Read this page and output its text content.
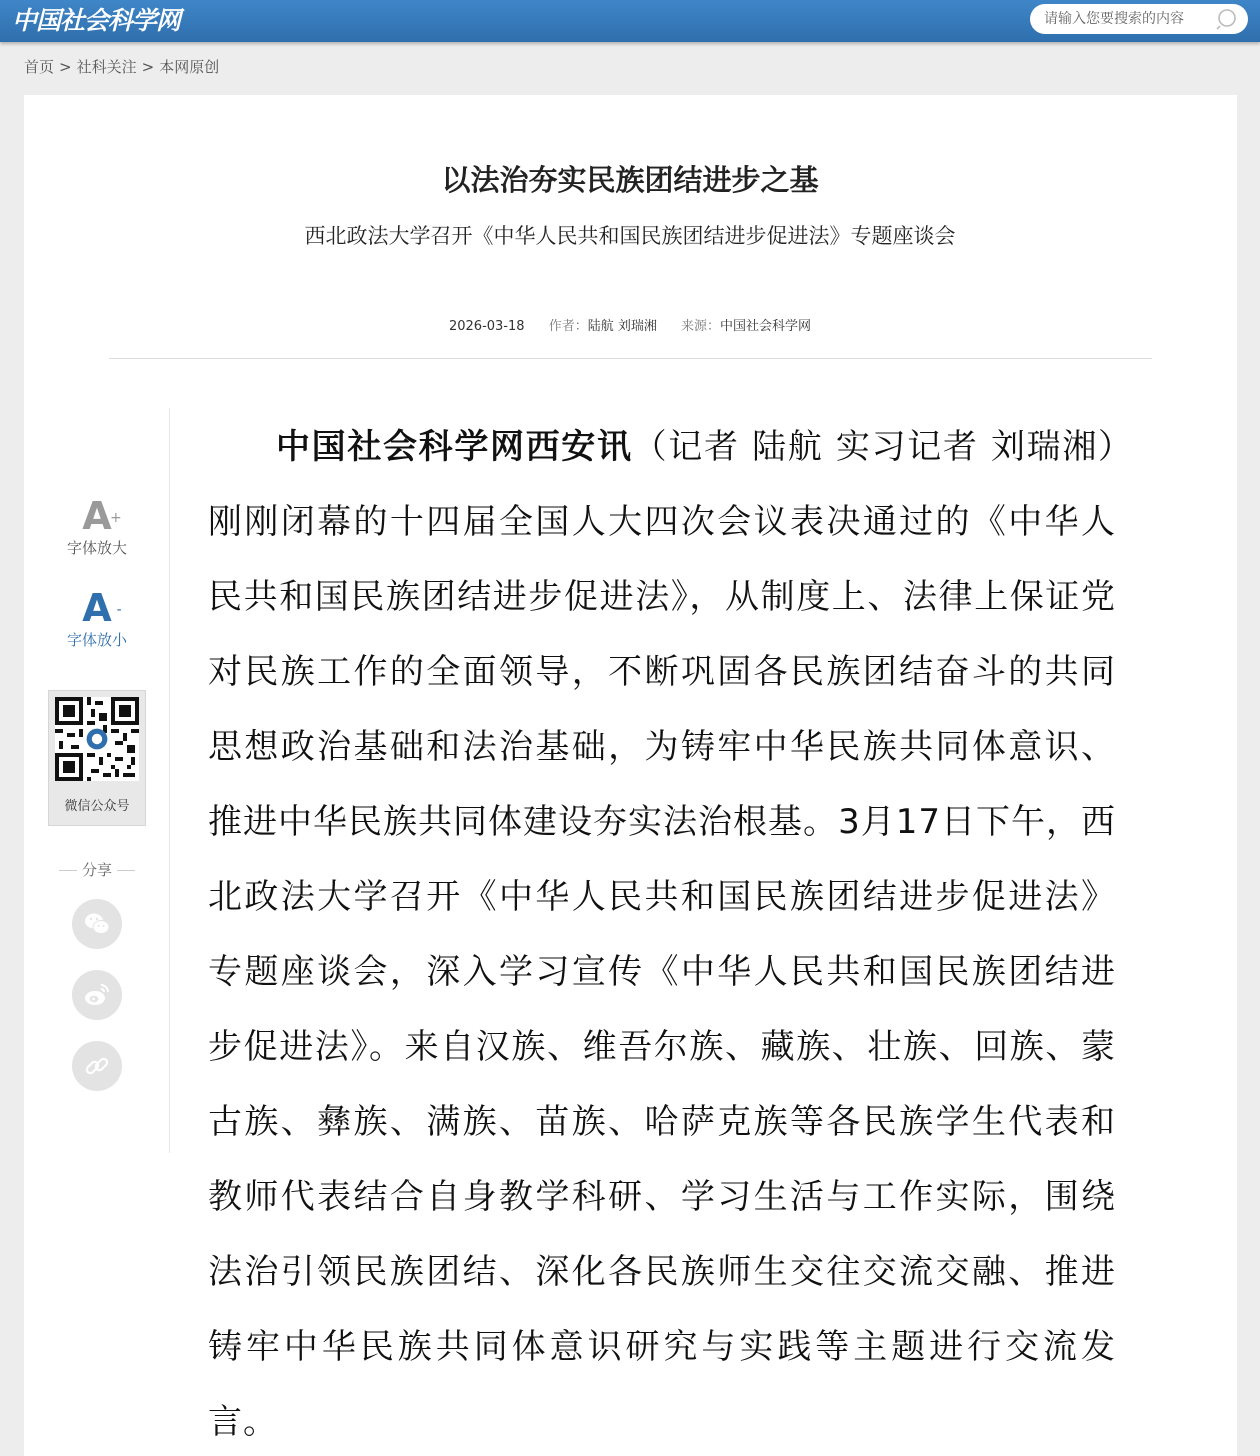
中国社会科学网
请输入您要搜索的内容
首页 > 社科关注 > 本网原创
以法治夯实民族团结进步之基
西北政法大学召开《中华人民共和国民族团结进步促进法》专题座谈会
2026-03-18 作者：陆航 刘瑞湘 来源：中国社会科学网
A
+
字体放大
A -
字体放小
微信公众号
分享

中国社会科学网西安讯（记者 陆航 实习记者 刘瑞湘）刚刚闭幕的十四届全国人大四次会议表决通过的《中华人民共和国民族团结进步促进法》，从制度上、法律上保证党对民族工作的全面领导，不断巩固各民族团结奋斗的共同思想政治基础和法治基础，为铸牢中华民族共同体意识、推进中华民族共同体建设夯实法治根基。3月17日下午，西北政法大学召开《中华人民共和国民族团结进步促进法》专题座谈会，深入学习宣传《中华人民共和国民族团结进步促进法》。来自汉族、维吾尔族、藏族、壮族、回族、蒙古族、彝族、满族、苗族、哈萨克族等各民族学生代表和教师代表结合自身教学科研、学习生活与工作实际，围绕法治引领民族团结、深化各民族师生交往交流交融、推进铸牢中华民族共同体意识研究与实践等主题进行交流发言。
